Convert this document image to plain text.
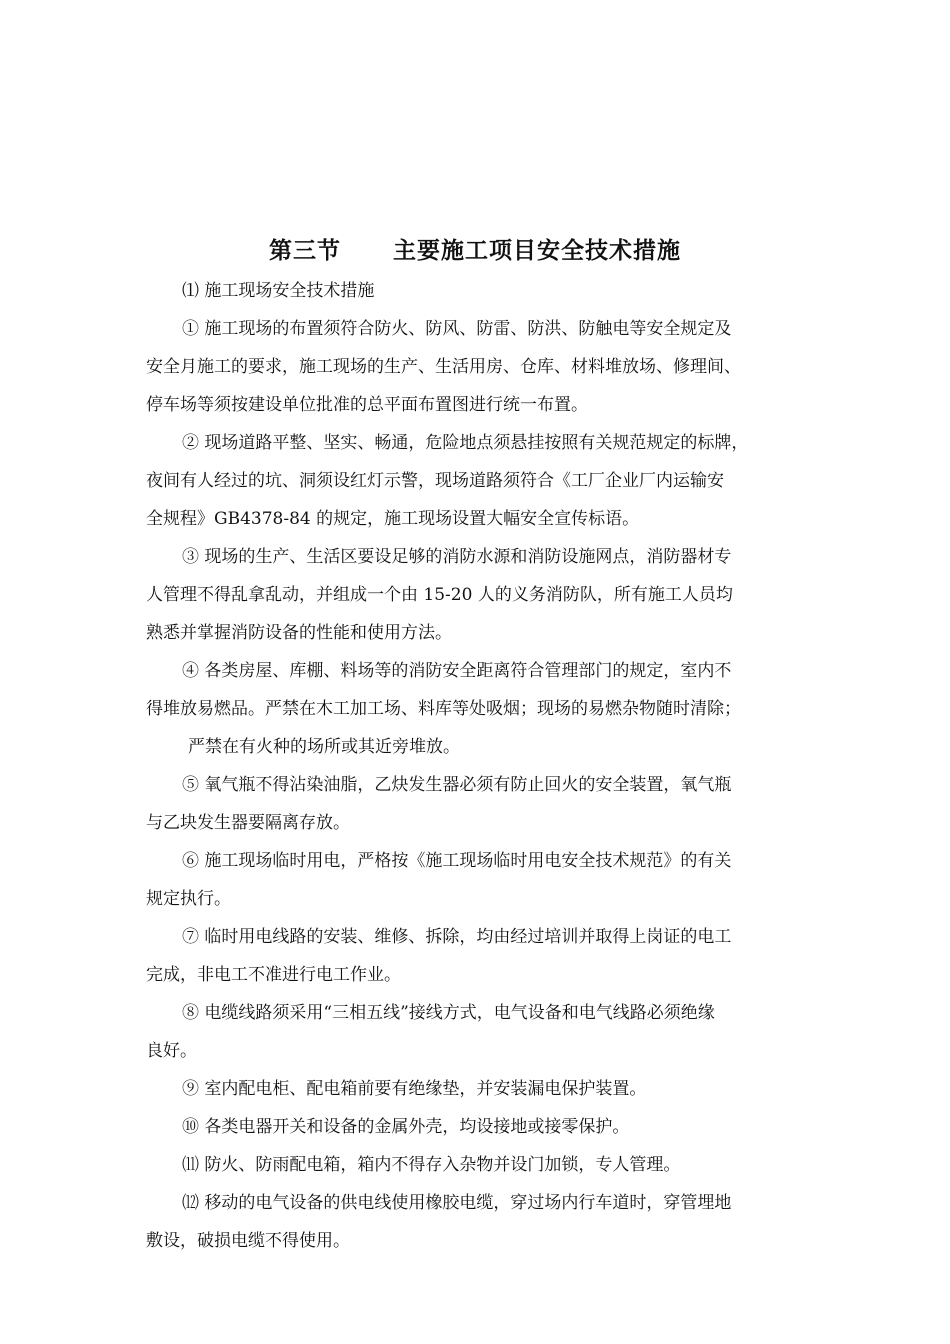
第三节 主要施工项目安全技术措施
⑴ 施工现场安全技术措施
① 施工现场的布置须符合防火、防风、防雷、防洪、防触电等安全规定及
安全月施工的要求，施工现场的生产、生活用房、仓库、材料堆放场、修理间、
停车场等须按建设单位批准的总平面布置图进行统一布置。
② 现场道路平整、坚实、畅通，危险地点须悬挂按照有关规范规定的标牌，
夜间有人经过的坑、洞须设红灯示警，现场道路须符合《工厂企业厂内运输安
全规程》GB4378-84 的规定，施工现场设置大幅安全宣传标语。
③ 现场的生产、生活区要设足够的消防水源和消防设施网点，消防器材专
人管理不得乱拿乱动，并组成一个由 15-20 人的义务消防队，所有施工人员均
熟悉并掌握消防设备的性能和使用方法。
④ 各类房屋、库棚、料场等的消防安全距离符合管理部门的规定，室内不
得堆放易燃品。严禁在木工加工场、料库等处吸烟；现场的易燃杂物随时清除；
严禁在有火种的场所或其近旁堆放。
⑤ 氧气瓶不得沾染油脂，乙炔发生器必须有防止回火的安全装置，氧气瓶
与乙块发生器要隔离存放。
⑥ 施工现场临时用电，严格按《施工现场临时用电安全技术规范》的有关
规定执行。
⑦ 临时用电线路的安装、维修、拆除，均由经过培训并取得上岗证的电工
完成，非电工不准进行电工作业。
⑧ 电缆线路须采用“三相五线”接线方式，电气设备和电气线路必须绝缘
良好。
⑨ 室内配电柜、配电箱前要有绝缘垫，并安装漏电保护装置。
⑩ 各类电器开关和设备的金属外壳，均设接地或接零保护。
⑾ 防火、防雨配电箱，箱内不得存入杂物并设门加锁，专人管理。
⑿ 移动的电气设备的供电线使用橡胶电缆，穿过场内行车道时，穿管埋地
敷设，破损电缆不得使用。
